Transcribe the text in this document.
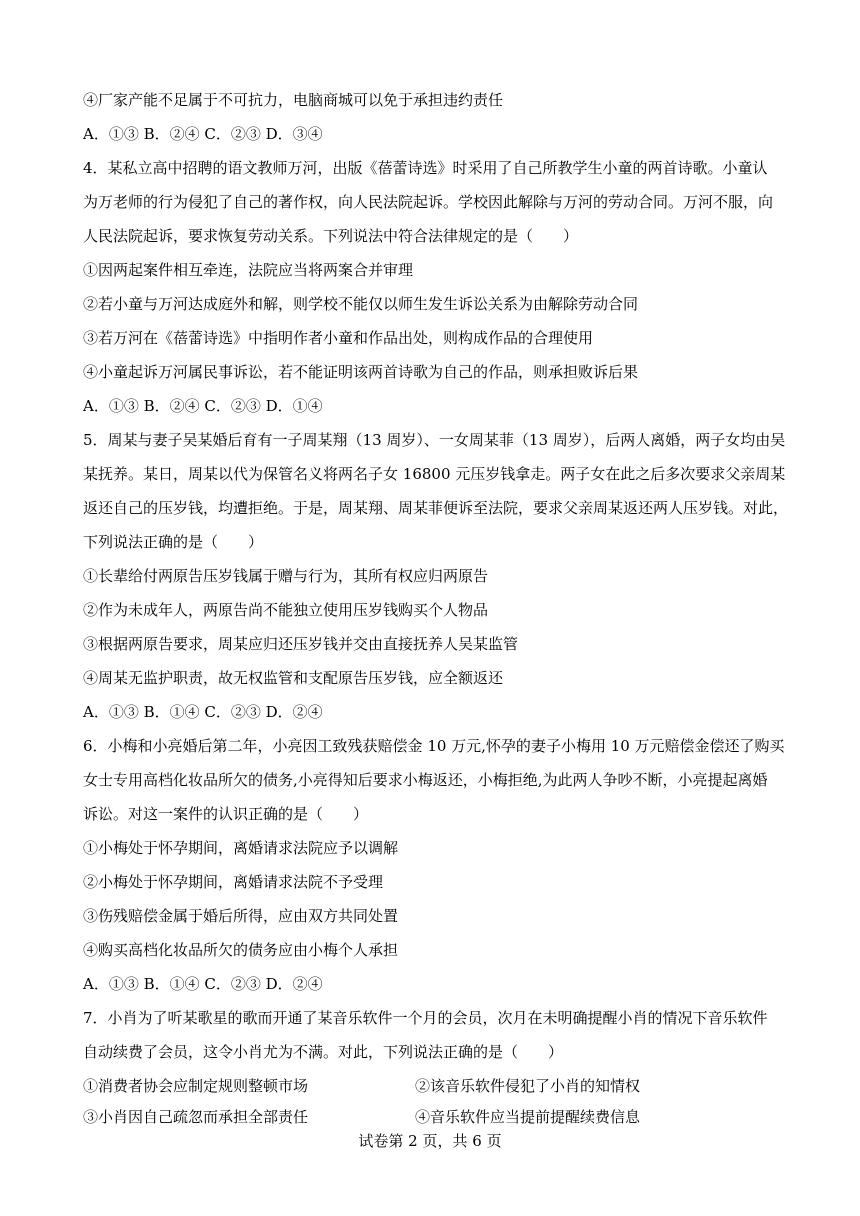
④厂家产能不足属于不可抗力，电脑商城可以免于承担违约责任
A．①③ B．②④ C．②③ D．③④
4．某私立高中招聘的语文教师万河，出版《蓓蕾诗选》时采用了自己所教学生小童的两首诗歌。小童认
为万老师的行为侵犯了自己的著作权，向人民法院起诉。学校因此解除与万河的劳动合同。万河不服，向
人民法院起诉，要求恢复劳动关系。下列说法中符合法律规定的是（　　）
①因两起案件相互牵连，法院应当将两案合并审理
②若小童与万河达成庭外和解，则学校不能仅以师生发生诉讼关系为由解除劳动合同
③若万河在《蓓蕾诗选》中指明作者小童和作品出处，则构成作品的合理使用
④小童起诉万河属民事诉讼，若不能证明该两首诗歌为自己的作品，则承担败诉后果
A．①③ B．②④ C．②③ D．①④
5．周某与妻子吴某婚后育有一子周某翔（13 周岁）、一女周某菲（13 周岁），后两人离婚，两子女均由吴
某抚养。某日，周某以代为保管名义将两名子女 16800 元压岁钱拿走。两子女在此之后多次要求父亲周某
返还自己的压岁钱，均遭拒绝。于是，周某翔、周某菲便诉至法院，要求父亲周某返还两人压岁钱。对此，
下列说法正确的是（　　）
①长辈给付两原告压岁钱属于赠与行为，其所有权应归两原告
②作为未成年人，两原告尚不能独立使用压岁钱购买个人物品
③根据两原告要求，周某应归还压岁钱并交由直接抚养人吴某监管
④周某无监护职责，故无权监管和支配原告压岁钱，应全额返还
A．①③ B．①④ C．②③ D．②④
6．小梅和小亮婚后第二年，小亮因工致残获赔偿金 10 万元,怀孕的妻子小梅用 10 万元赔偿金偿还了购买
女士专用高档化妆品所欠的债务,小亮得知后要求小梅返还，小梅拒绝,为此两人争吵不断，小亮提起离婚
诉讼。对这一案件的认识正确的是（　　）
①小梅处于怀孕期间，离婚请求法院应予以调解
②小梅处于怀孕期间，离婚请求法院不予受理
③伤残赔偿金属于婚后所得，应由双方共同处置
④购买高档化妆品所欠的债务应由小梅个人承担
A．①③ B．①④ C．②③ D．②④
7．小肖为了听某歌星的歌而开通了某音乐软件一个月的会员，次月在未明确提醒小肖的情况下音乐软件
自动续费了会员，这令小肖尤为不满。对此，下列说法正确的是（　　）
①消费者协会应制定规则整顿市场	②该音乐软件侵犯了小肖的知情权
③小肖因自己疏忽而承担全部责任	④音乐软件应当提前提醒续费信息
试卷第 2 页，共 6 页
